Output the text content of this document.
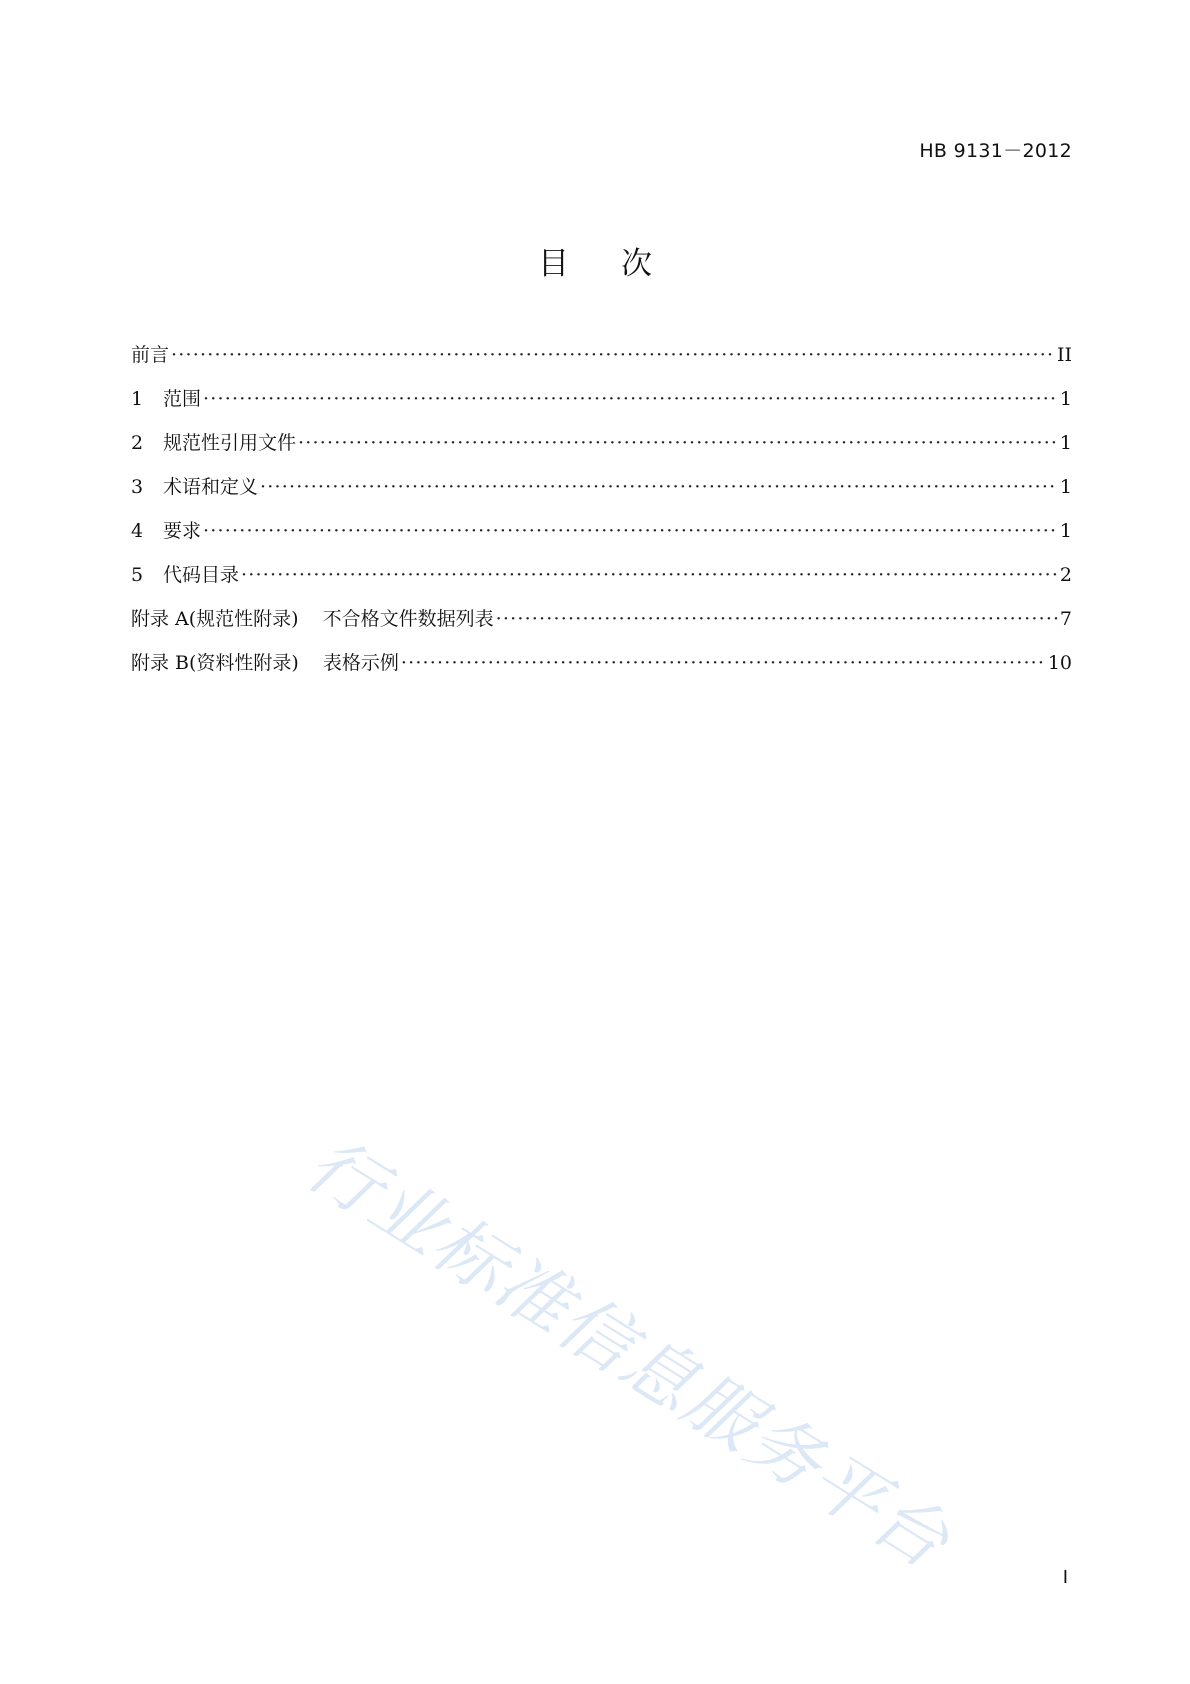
HB 9131－2012
目次
前言 ·····	II
1 范围 ·····	1
2 规范性引用文件 ·····	1
3 术语和定义 ·····	1
4 要求 ·····	1
5 代码目录 ·····	2
附录 A(规范性附录) 不合格文件数据列表 ·····	7
附录 B(资料性附录) 表格示例 ·····	10
行业标准信息服务平台	I
